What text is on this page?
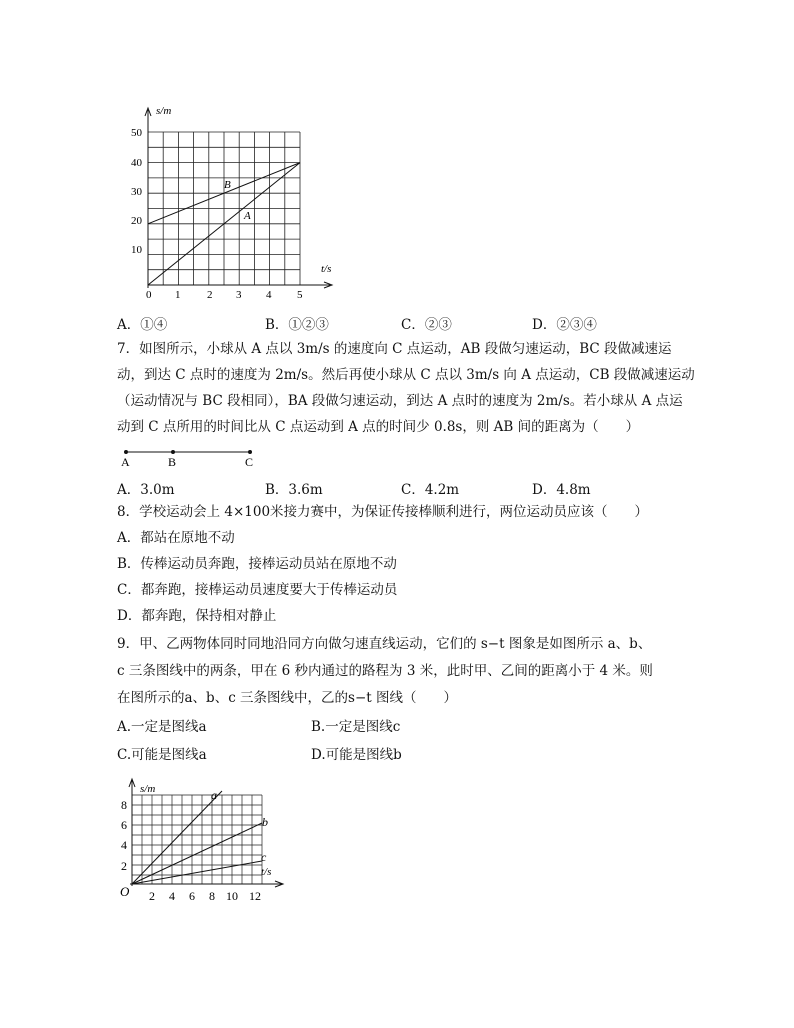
s/m
t/s
10
20
30
40
50
0 1 2 3 4 5
A
B
A．①④	B．①②③	C．②③	D．②③④
7．如图所示，小球从 A 点以 3m/s 的速度向 C 点运动，AB 段做匀速运动，BC 段做减速运
动，到达 C 点时的速度为 2m/s。然后再使小球从 C 点以 3m/s 向 A 点运动，CB 段做减速运动
（运动情况与 BC 段相同），BA 段做匀速运动，到达 A 点时的速度为 2m/s。若小球从 A 点运
动到 C 点所用的时间比从 C 点运动到 A 点的时间少 0.8s，则 AB 间的距离为（　　）
A	B	C
A．3.0m	B．3.6m	C．4.2m	D．4.8m
8．学校运动会上 4×100米接力赛中，为保证传接棒顺利进行，两位运动员应该（　　）
A．都站在原地不动
B．传棒运动员奔跑，接棒运动员站在原地不动
C．都奔跑，接棒运动员速度要大于传棒运动员
D．都奔跑，保持相对静止
9．甲、乙两物体同时同地沿同方向做匀速直线运动，它们的 s−t 图象是如图所示 a、b、
c 三条图线中的两条，甲在 6 秒内通过的路程为 3 米，此时甲、乙间的距离小于 4 米。则
在图所示的a、b、c 三条图线中，乙的s−t 图线（　　）
A.一定是图线a	B.一定是图线c
C.可能是图线a	D.可能是图线b
s/m
t/s
O
2
4
6
8
2 4 6 8 10 12
a
b
c
